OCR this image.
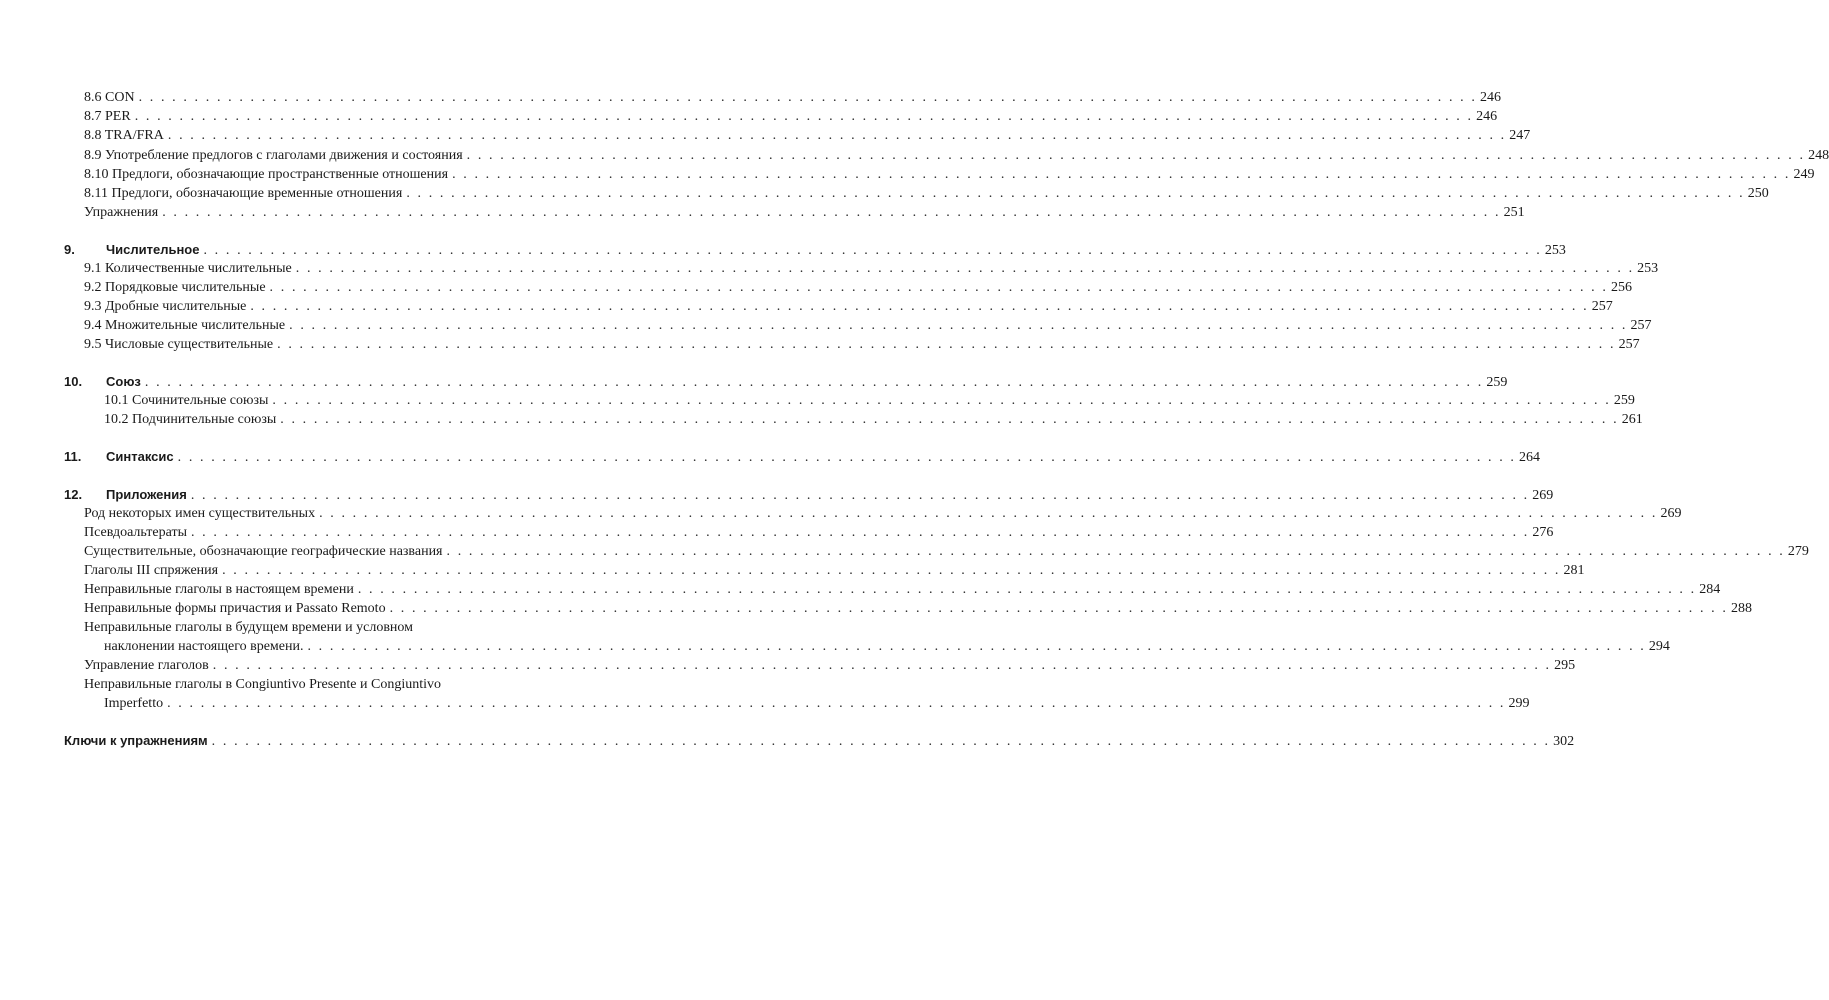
8.6 CON . . . . . . . . . . . . . . . . . . . . . . . . . . . . . . . . . . . . . . . . . . . . . . . . . . . . . . . . . . . . . . . . . . . . . . . . . . . . . . . . . . . . . . . . . . . . . . . . . . . . . . . . . . . . . . . . . . . . . . . . 246
8.7 PER . . . . . . . . . . . . . . . . . . . . . . . . . . . . . . . . . . . . . . . . . . . . . . . . . . . . . . . . . . . . . . . . . . . . . . . . . . . . . . . . . . . . . . . . . . . . . . . . . . . . . . . . . . . . . . . . . . . . . . . . 246
8.8 TRA/FRA . . . . . . . . . . . . . . . . . . . . . . . . . . . . . . . . . . . . . . . . . . . . . . . . . . . . . . . . . . . . . . . . . . . . . . . . . . . . . . . . . . . . . . . . . . . . . . . . . . . . . . . . . . . . . . . . . . . . . . . . 247
8.9 Употребление предлогов с глаголами движения и состояния . . . . . . . . . . . . . . . . . . . . . . . . . . . . . . . . . . . . . . . . . . . . . . . . . . . . . . . . . . . . . . . . . . . . . . . . . . . . . . . . . . . . . . . . . . . . . . . . . . . . . . . . . . . . . . . . . . . . . . . . 248
8.10 Предлоги, обозначающие пространственные отношения . . . . . . . . . . . . . . . . . . . . . . . . . . . . . . . . . . . . . . . . . . . . . . . . . . . . . . . . . . . . . . . . . . . . . . . . . . . . . . . . . . . . . . . . . . . . . . . . . . . . . . . . . . . . . . . . . . . . . . . . 249
8.11 Предлоги, обозначающие временные отношения . . . . . . . . . . . . . . . . . . . . . . . . . . . . . . . . . . . . . . . . . . . . . . . . . . . . . . . . . . . . . . . . . . . . . . . . . . . . . . . . . . . . . . . . . . . . . . . . . . . . . . . . . . . . . . . . . . . . . . . . 250
Упражнения . . . . . . . . . . . . . . . . . . . . . . . . . . . . . . . . . . . . . . . . . . . . . . . . . . . . . . . . . . . . . . . . . . . . . . . . . . . . . . . . . . . . . . . . . . . . . . . . . . . . . . . . . . . . . . . . . . . . . . . . 251
9. Числительное . . . . . . . . . . . . . . . . . . . . . . . . . . . . . . . . . . . . . . . . . . . . . . . . . . . . . . . . . . . . . . . . . . . . . . . . . . . . . . . . . . . . . . . . . . . . . . . . . . . . . . . . . . . . . . . . . . . . . . . . 253
9.1 Количественные числительные . . . . . . . . . . . . . . . . . . . . . . . . . . . . . . . . . . . . . . . . . . . . . . . . . . . . . . . . . . . . . . . . . . . . . . . . . . . . . . . . . . . . . . . . . . . . . . . . . . . . . . . . . . . . . . . . . . . . . . . . 253
9.2 Порядковые числительные . . . . . . . . . . . . . . . . . . . . . . . . . . . . . . . . . . . . . . . . . . . . . . . . . . . . . . . . . . . . . . . . . . . . . . . . . . . . . . . . . . . . . . . . . . . . . . . . . . . . . . . . . . . . . . . . . . . . . . . . 256
9.3 Дробные числительные . . . . . . . . . . . . . . . . . . . . . . . . . . . . . . . . . . . . . . . . . . . . . . . . . . . . . . . . . . . . . . . . . . . . . . . . . . . . . . . . . . . . . . . . . . . . . . . . . . . . . . . . . . . . . . . . . . . . . . . . 257
9.4 Множительные числительные . . . . . . . . . . . . . . . . . . . . . . . . . . . . . . . . . . . . . . . . . . . . . . . . . . . . . . . . . . . . . . . . . . . . . . . . . . . . . . . . . . . . . . . . . . . . . . . . . . . . . . . . . . . . . . . . . . . . . . . . 257
9.5 Числовые существительные . . . . . . . . . . . . . . . . . . . . . . . . . . . . . . . . . . . . . . . . . . . . . . . . . . . . . . . . . . . . . . . . . . . . . . . . . . . . . . . . . . . . . . . . . . . . . . . . . . . . . . . . . . . . . . . . . . . . . . . . 257
10. Союз . . . . . . . . . . . . . . . . . . . . . . . . . . . . . . . . . . . . . . . . . . . . . . . . . . . . . . . . . . . . . . . . . . . . . . . . . . . . . . . . . . . . . . . . . . . . . . . . . . . . . . . . . . . . . . . . . . . . . . . . 259
10.1 Сочинительные союзы . . . . . . . . . . . . . . . . . . . . . . . . . . . . . . . . . . . . . . . . . . . . . . . . . . . . . . . . . . . . . . . . . . . . . . . . . . . . . . . . . . . . . . . . . . . . . . . . . . . . . . . . . . . . . . . . . . . . . . . . 259
10.2 Подчинительные союзы . . . . . . . . . . . . . . . . . . . . . . . . . . . . . . . . . . . . . . . . . . . . . . . . . . . . . . . . . . . . . . . . . . . . . . . . . . . . . . . . . . . . . . . . . . . . . . . . . . . . . . . . . . . . . . . . . . . . . . . . 261
11. Синтаксис . . . . . . . . . . . . . . . . . . . . . . . . . . . . . . . . . . . . . . . . . . . . . . . . . . . . . . . . . . . . . . . . . . . . . . . . . . . . . . . . . . . . . . . . . . . . . . . . . . . . . . . . . . . . . . . . . . . . . . . . 264
12. Приложения . . . . . . . . . . . . . . . . . . . . . . . . . . . . . . . . . . . . . . . . . . . . . . . . . . . . . . . . . . . . . . . . . . . . . . . . . . . . . . . . . . . . . . . . . . . . . . . . . . . . . . . . . . . . . . . . . . . . . . . . 269
Род некоторых имен существительных . . . . . . . . . . . . . . . . . . . . . . . . . . . . . . . . . . . . . . . . . . . . . . . . . . . . . . . . . . . . . . . . . . . . . . . . . . . . . . . . . . . . . . . . . . . . . . . . . . . . . . . . . . . . . . . . . . . . . . . . 269
Псевдоальтераты . . . . . . . . . . . . . . . . . . . . . . . . . . . . . . . . . . . . . . . . . . . . . . . . . . . . . . . . . . . . . . . . . . . . . . . . . . . . . . . . . . . . . . . . . . . . . . . . . . . . . . . . . . . . . . . . . . . . . . . . 276
Существительные, обозначающие географические названия . . . . . . . . . . . . . . . . . . . . . . . . . . . . . . . . . . . . . . . . . . . . . . . . . . . . . . . . . . . . . . . . . . . . . . . . . . . . . . . . . . . . . . . . . . . . . . . . . . . . . . . . . . . . . . . . . . . . . . . . 279
Глаголы III спряжения . . . . . . . . . . . . . . . . . . . . . . . . . . . . . . . . . . . . . . . . . . . . . . . . . . . . . . . . . . . . . . . . . . . . . . . . . . . . . . . . . . . . . . . . . . . . . . . . . . . . . . . . . . . . . . . . . . . . . . . . 281
Неправильные глаголы в настоящем времени . . . . . . . . . . . . . . . . . . . . . . . . . . . . . . . . . . . . . . . . . . . . . . . . . . . . . . . . . . . . . . . . . . . . . . . . . . . . . . . . . . . . . . . . . . . . . . . . . . . . . . . . . . . . . . . . . . . . . . . . 284
Неправильные формы причастия и Passato Remoto . . . . . . . . . . . . . . . . . . . . . . . . . . . . . . . . . . . . . . . . . . . . . . . . . . . . . . . . . . . . . . . . . . . . . . . . . . . . . . . . . . . . . . . . . . . . . . . . . . . . . . . . . . . . . . . . . . . . . . . . 288
Неправильные глаголы в будущем времени и условном
наклонении настоящего времени. . . . . . . . . . . . . . . . . . . . . . . . . . . . . . . . . . . . . . . . . . . . . . . . . . . . . . . . . . . . . . . . . . . . . . . . . . . . . . . . . . . . . . . . . . . . . . . . . . . . . . . . . . . . . . . . . . . . . . . . . 294
Управление глаголов . . . . . . . . . . . . . . . . . . . . . . . . . . . . . . . . . . . . . . . . . . . . . . . . . . . . . . . . . . . . . . . . . . . . . . . . . . . . . . . . . . . . . . . . . . . . . . . . . . . . . . . . . . . . . . . . . . . . . . . . 295
Неправильные глаголы в Congiuntivo Presente и Congiuntivo
Imperfetto . . . . . . . . . . . . . . . . . . . . . . . . . . . . . . . . . . . . . . . . . . . . . . . . . . . . . . . . . . . . . . . . . . . . . . . . . . . . . . . . . . . . . . . . . . . . . . . . . . . . . . . . . . . . . . . . . . . . . . . . 299
Ключи к упражнениям . . . . . . . . . . . . . . . . . . . . . . . . . . . . . . . . . . . . . . . . . . . . . . . . . . . . . . . . . . . . . . . . . . . . . . . . . . . . . . . . . . . . . . . . . . . . . . . . . . . . . . . . . . . . . . . . . . . . . . . . 302
